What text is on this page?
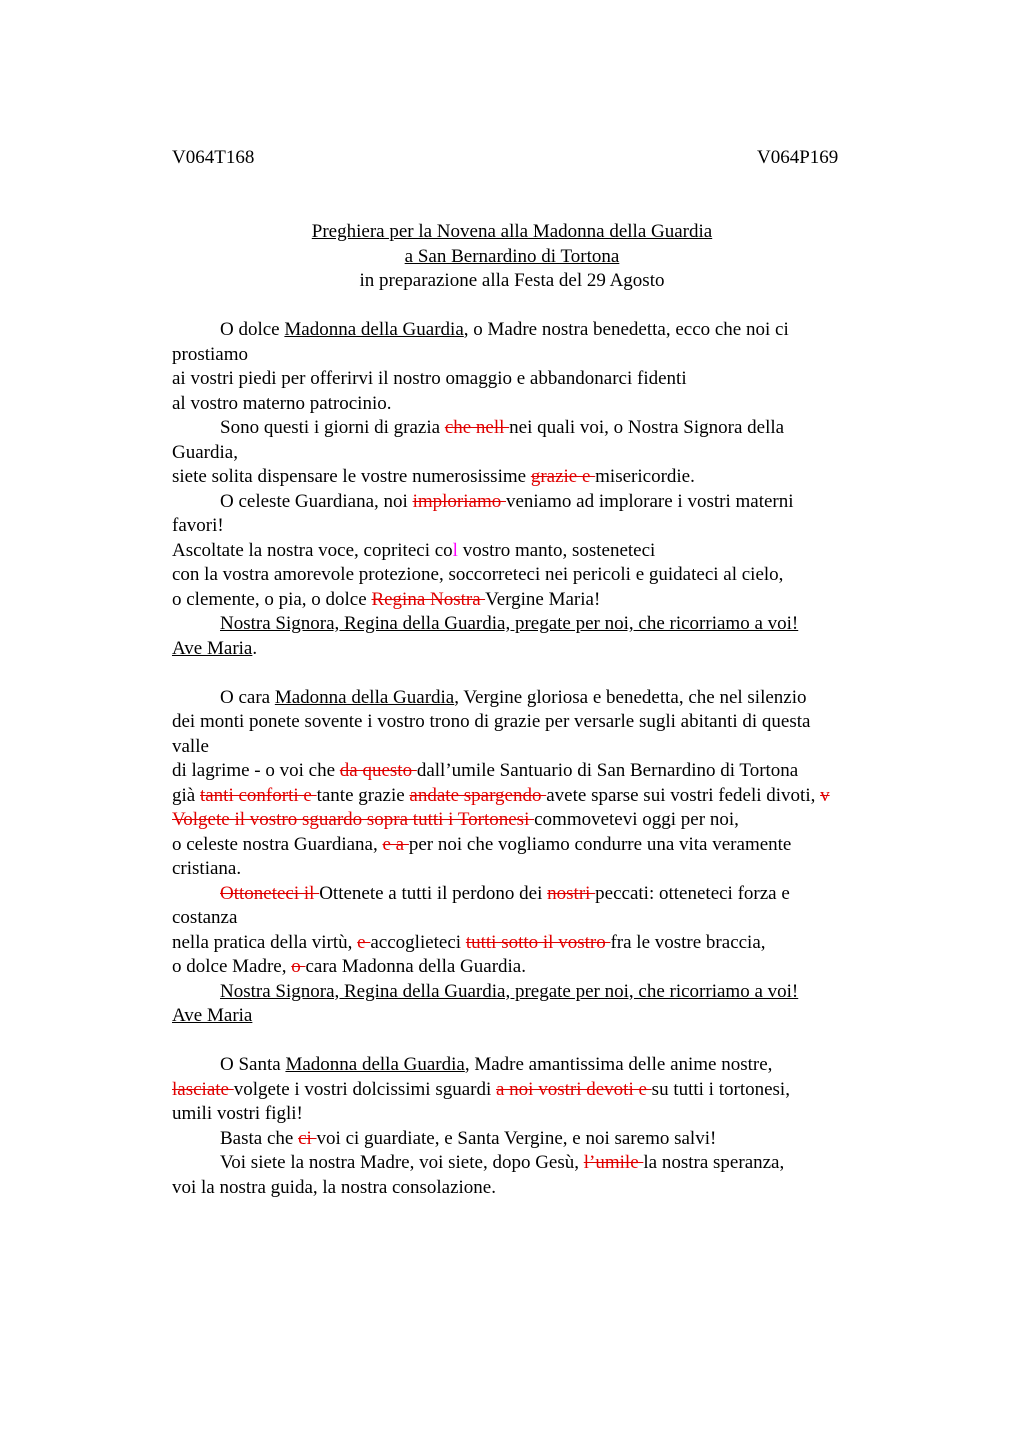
V064T168	V064P169
Preghiera per la Novena alla Madonna della Guardia
a San Bernardino di Tortona
in preparazione alla Festa del 29 Agosto
O dolce Madonna della Guardia, o Madre nostra benedetta, ecco che noi ci
prostiamo
ai vostri piedi per offerirvi il nostro omaggio e abbandonarci fidenti
al vostro materno patrocinio.
Sono questi i giorni di grazia che nell nei quali voi, o Nostra Signora della
Guardia,
siete solita dispensare le vostre numerosissime grazie e misericordie.
O celeste Guardiana, noi imploriamo veniamo ad implorare i vostri materni
favori!
Ascoltate la nostra voce, copriteci col vostro manto, sosteneteci
con la vostra amorevole protezione, soccorreteci nei pericoli e guidateci al cielo,
o clemente, o pia, o dolce Regina Nostra Vergine Maria!
Nostra Signora, Regina della Guardia, pregate per noi, che ricorriamo a voi!
Ave Maria.
O cara Madonna della Guardia, Vergine gloriosa e benedetta, che nel silenzio
dei monti ponete sovente i vostro trono di grazie per versarle sugli abitanti di questa
valle
di lagrime - o voi che da questo dall’umile Santuario di San Bernardino di Tortona
già tanti conforti e tante grazie andate spargendo avete sparse sui vostri fedeli divoti, v
Volgete il vostro sguardo sopra tutti i Tortonesi commovetevi oggi per noi,
o celeste nostra Guardiana, e a per noi che vogliamo condurre una vita veramente
cristiana.
Ottoneteci il Ottenete a tutti il perdono dei nostri peccati: otteneteci forza e
costanza
nella pratica della virtù, e accoglieteci tutti sotto il vostro fra le vostre braccia,
o dolce Madre, o cara Madonna della Guardia.
Nostra Signora, Regina della Guardia, pregate per noi, che ricorriamo a voi!
Ave Maria
O Santa Madonna della Guardia, Madre amantissima delle anime nostre,
lasciate volgete i vostri dolcissimi sguardi a noi vostri devoti e su tutti i tortonesi,
umili vostri figli!
Basta che ci voi ci guardiate, e Santa Vergine, e noi saremo salvi!
Voi siete la nostra Madre, voi siete, dopo Gesù, l’umile la nostra speranza,
voi la nostra guida, la nostra consolazione.
